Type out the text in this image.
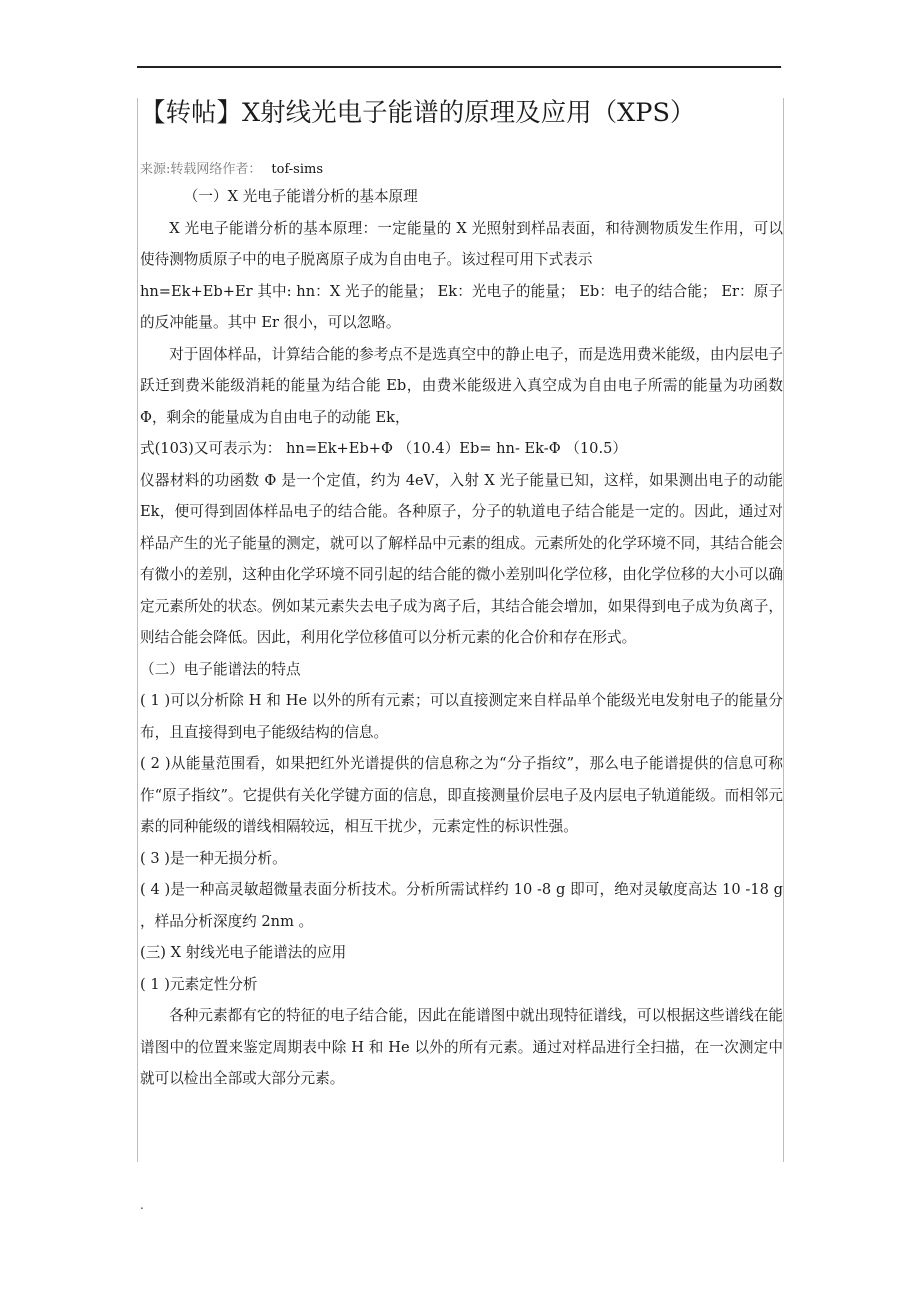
.
【转帖】X射线光电子能谱的原理及应用（XPS）
来源:转载网络作者： tof-sims

（一）X 光电子能谱分析的基本原理

X 光电子能谱分析的基本原理：一定能量的 X 光照射到样品表面，和待测物质发生作用，可以使待测物质原子中的电子脱离原子成为自由电子。该过程可用下式表示

hn=Ek+Eb+Er 其中: hn：X 光子的能量； Ek：光电子的能量； Eb：电子的结合能； Er：原子的反冲能量。其中 Er 很小，可以忽略。

对于固体样品，计算结合能的参考点不是选真空中的静止电子，而是选用费米能级，由内层电子跃迁到费米能级消耗的能量为结合能 Eb，由费米能级进入真空成为自由电子所需的能量为功函数 Φ，剩余的能量成为自由电子的动能 Ek，

式(103)又可表示为： hn=Ek+Eb+Φ （10.4）Eb= hn- Ek-Φ （10.5）

仪器材料的功函数 Φ 是一个定值，约为 4eV，入射 X 光子能量已知，这样，如果测出电子的动能 Ek，便可得到固体样品电子的结合能。各种原子，分子的轨道电子结合能是一定的。因此，通过对样品产生的光子能量的测定，就可以了解样品中元素的组成。元素所处的化学环境不同，其结合能会有微小的差别，这种由化学环境不同引起的结合能的微小差别叫化学位移，由化学位移的大小可以确定元素所处的状态。例如某元素失去电子成为离子后，其结合能会增加，如果得到电子成为负离子，则结合能会降低。因此，利用化学位移值可以分析元素的化合价和存在形式。

（二）电子能谱法的特点

( 1 )可以分析除 H 和 He 以外的所有元素；可以直接测定来自样品单个能级光电发射电子的能量分布，且直接得到电子能级结构的信息。

( 2 )从能量范围看，如果把红外光谱提供的信息称之为“分子指纹”，那么电子能谱提供的信息可称作“原子指纹”。它提供有关化学键方面的信息，即直接测量价层电子及内层电子轨道能级。而相邻元素的同种能级的谱线相隔较远，相互干扰少，元素定性的标识性强。

( 3 )是一种无损分析。

( 4 )是一种高灵敏超微量表面分析技术。分析所需试样约 10 -8 g 即可，绝对灵敏度高达 10 -18 g ，样品分析深度约 2nm 。

(三) X 射线光电子能谱法的应用

( 1 )元素定性分析

各种元素都有它的特征的电子结合能，因此在能谱图中就出现特征谱线，可以根据这些谱线在能谱图中的位置来鉴定周期表中除 H 和 He 以外的所有元素。通过对样品进行全扫描，在一次测定中就可以检出全部或大部分元素。

.
